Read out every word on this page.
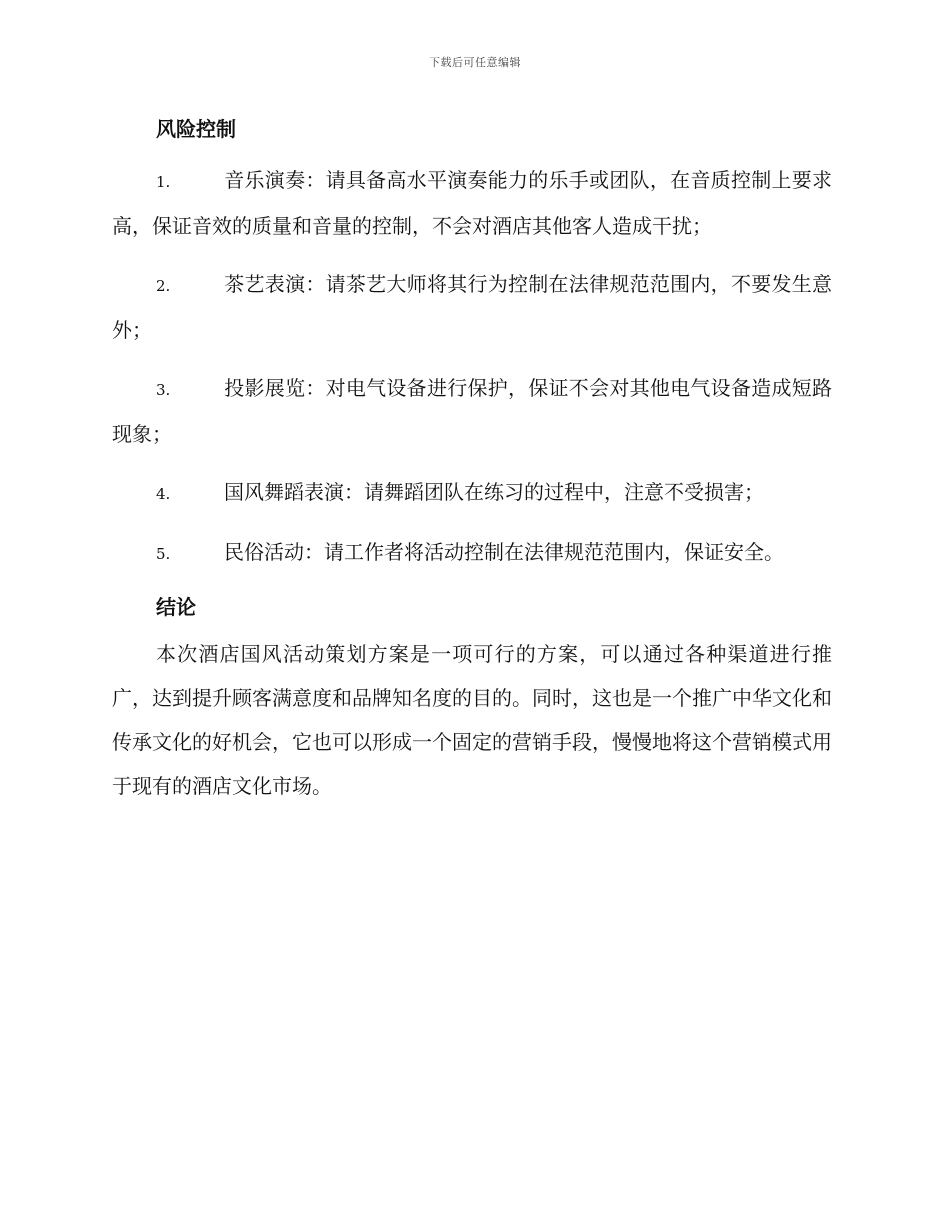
下载后可任意编辑
风险控制
1.	音乐演奏：请具备高水平演奏能力的乐手或团队，在音质控制上要求高，保证音效的质量和音量的控制，不会对酒店其他客人造成干扰；
2.	茶艺表演：请茶艺大师将其行为控制在法律规范范围内，不要发生意外；
3.	投影展览：对电气设备进行保护，保证不会对其他电气设备造成短路现象；
4.	国风舞蹈表演：请舞蹈团队在练习的过程中，注意不受损害；
5.	民俗活动：请工作者将活动控制在法律规范范围内，保证安全。
结论

本次酒店国风活动策划方案是一项可行的方案，可以通过各种渠道进行推广，达到提升顾客满意度和品牌知名度的目的。同时，这也是一个推广中华文化和传承文化的好机会，它也可以形成一个固定的营销手段，慢慢地将这个营销模式用于现有的酒店文化市场。
